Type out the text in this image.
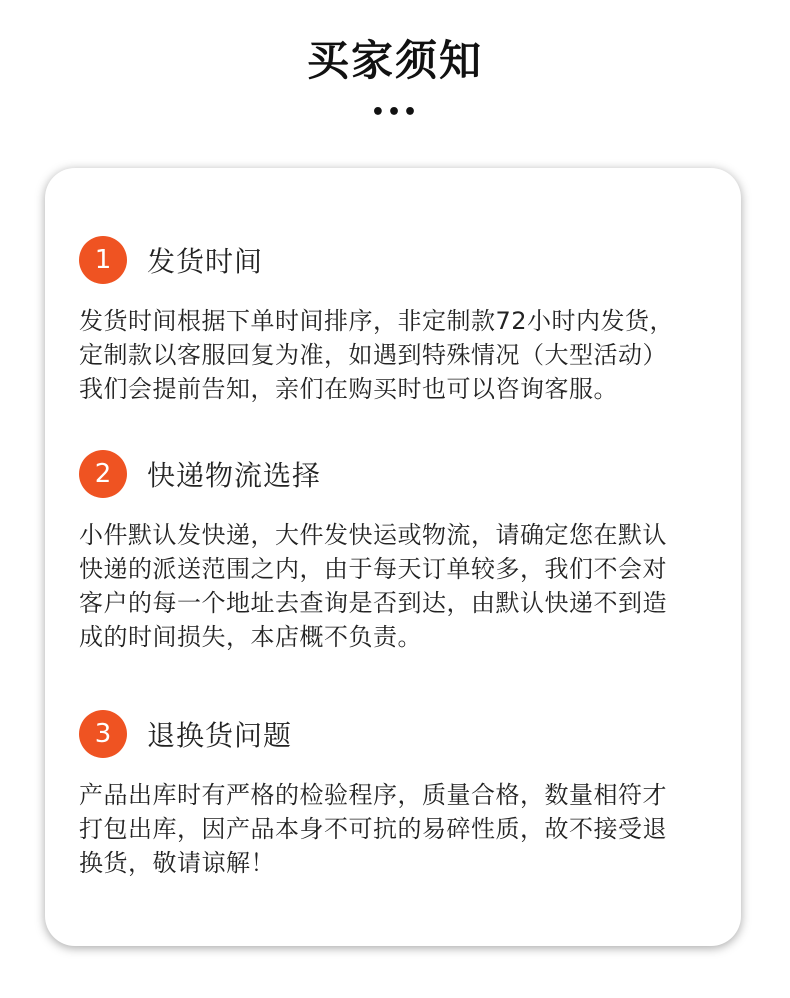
买家须知
•••
1	发货时间
发货时间根据下单时间排序，非定制款72小时内发货，
定制款以客服回复为准，如遇到特殊情况（大型活动）
我们会提前告知，亲们在购买时也可以咨询客服。
2	快递物流选择
小件默认发快递，大件发快运或物流，请确定您在默认
快递的派送范围之内，由于每天订单较多，我们不会对
客户的每一个地址去查询是否到达，由默认快递不到造
成的时间损失，本店概不负责。
3	退换货问题
产品出库时有严格的检验程序，质量合格，数量相符才
打包出库，因产品本身不可抗的易碎性质，故不接受退
换货，敬请谅解！
